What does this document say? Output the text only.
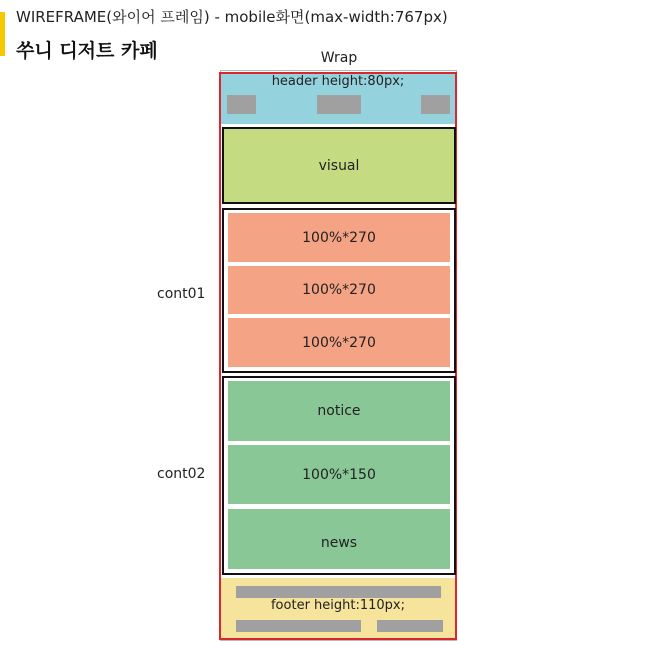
WIREFRAME(와이어 프레임) - mobile화면(max-width:767px)
쑤니 디저트 카페	Wrap
header height:80px;
visual
cont01
100%*270
100%*270
100%*270
cont02
notice
100%*150
news
footer height:110px;
